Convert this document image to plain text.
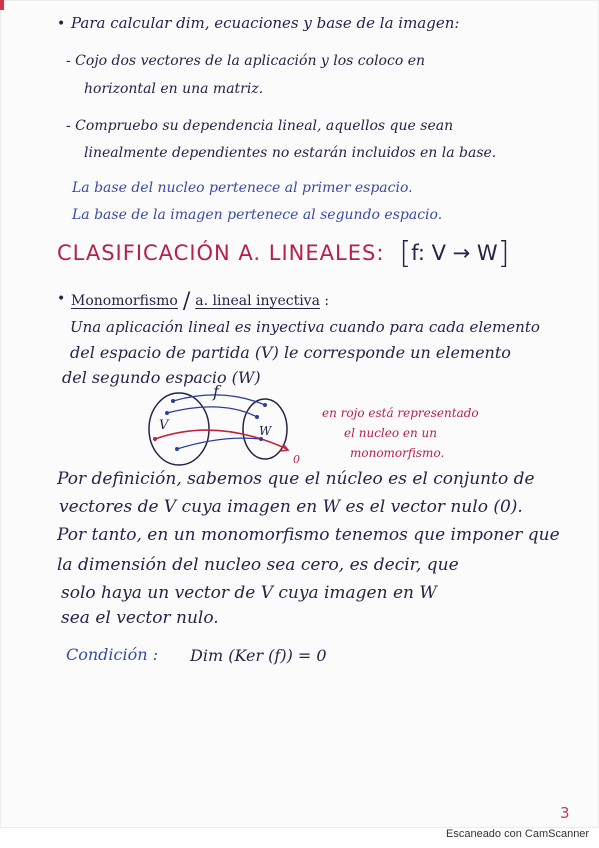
• Para calcular dim, ecuaciones y base de la imagen:
- Cojo dos vectores de la aplicación y los coloco en
horizontal en una matriz.
- Compruebo su dependencia lineal, aquellos que sean
linealmente dependientes no estarán incluidos en la base.
La base del nucleo pertenece al primer espacio.
La base de la imagen pertenece al segundo espacio.
CLASIFICACIÓN A. LINEALES: [f: V → W]
• Monomorfismo / a. lineal inyectiva :
Una aplicación lineal es inyectiva cuando para cada elemento
del espacio de partida (V) le corresponde un elemento
del segundo espacio (W)
f
V	W
0
en rojo está representado
el nucleo en un
monomorfismo.
Por definición, sabemos que el núcleo es el conjunto de
vectores de V cuya imagen en W es el vector nulo (0).
Por tanto, en un monomorfismo tenemos que imponer que
la dimensión del nucleo sea cero, es decir, que
solo haya un vector de V cuya imagen en W
sea el vector nulo.
Condición : Dim (Ker (f)) = 0
3
Escaneado con CamScanner
